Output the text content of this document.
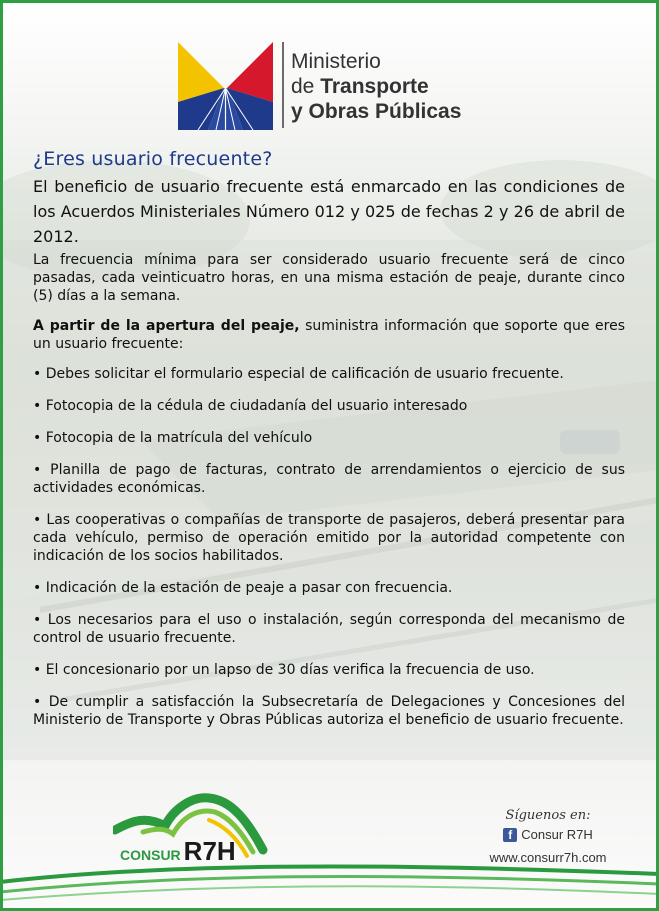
Ministerio
de Transporte
y Obras Públicas
¿Eres usuario frecuente?

El beneficio de usuario frecuente está enmarcado en las condiciones de los Acuerdos Ministeriales Número 012 y 025 de fechas 2 y 26 de abril de 2012.

La frecuencia mínima para ser considerado usuario frecuente será de cinco pasadas, cada veinticuatro horas, en una misma estación de peaje, durante cinco (5) días a la semana.

A partir de la apertura del peaje, suministra información que soporte que eres un usuario frecuente:

• Debes solicitar el formulario especial de calificación de usuario frecuente.

• Fotocopia de la cédula de ciudadanía del usuario interesado

• Fotocopia de la matrícula del vehículo

• Planilla de pago de facturas, contrato de arrendamientos o ejercicio de sus actividades económicas.

• Las cooperativas o compañías de transporte de pasajeros, deberá presentar para cada vehículo, permiso de operación emitido por la autoridad competente con indicación de los socios habilitados.

• Indicación de la estación de peaje a pasar con frecuencia.

• Los necesarios para el uso o instalación, según corresponda del mecanismo de control de usuario frecuente.

• El concesionario por un lapso de 30 días verifica la frecuencia de uso.

• De cumplir a satisfacción la Subsecretaría de Delegaciones y Concesiones del Ministerio de Transporte y Obras Públicas autoriza el beneficio de usuario frecuente.

CONSUR R7H
Síguenos en:
f Consur R7H
www.consurr7h.com
